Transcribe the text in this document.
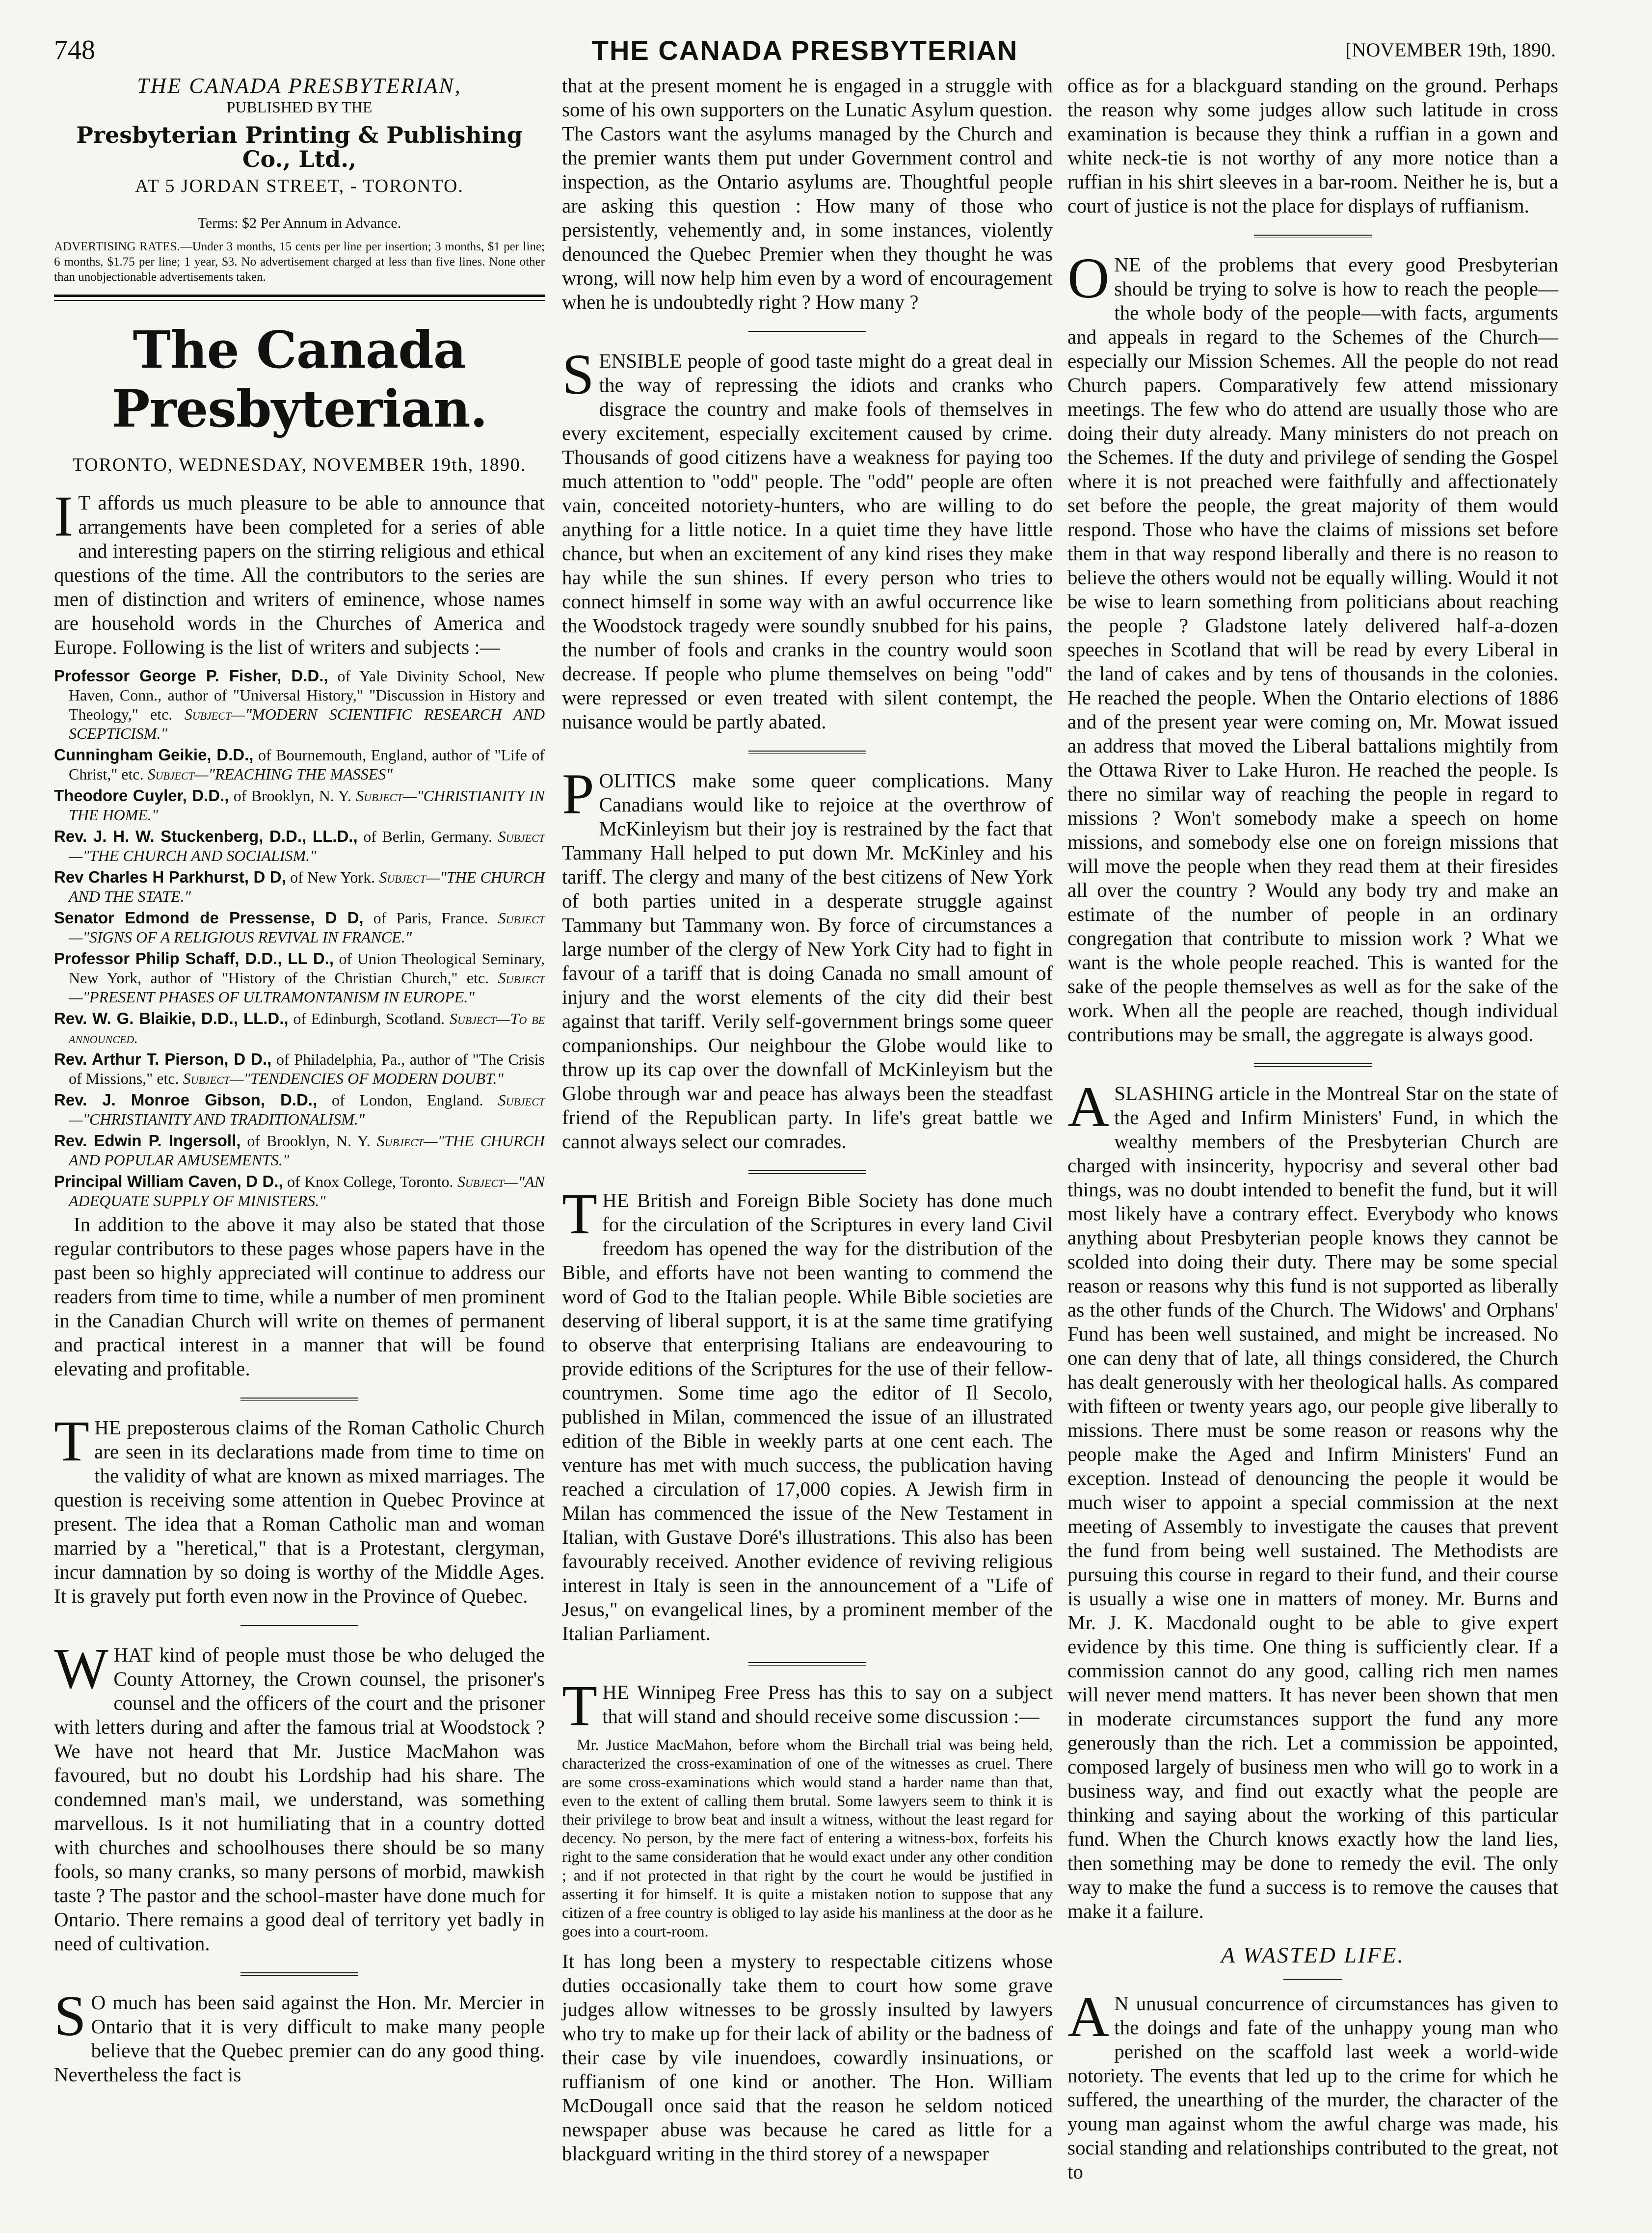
748	THE CANADA PRESBYTERIAN	[NOVEMBER 19th, 1890.

THE CANADA PRESBYTERIAN,

PUBLISHED BY THE

Presbyterian Printing & Publishing Co., Ltd.,

AT 5 JORDAN STREET, - TORONTO.

Terms: $2 Per Annum in Advance.

ADVERTISING RATES.—Under 3 months, 15 cents per line per insertion; 3 months, $1 per line; 6 months, $1.75 per line; 1 year, $3. No advertisement charged at less than five lines. None other than unobjectionable advertisements taken.

The Canada Presbyterian.

TORONTO, WEDNESDAY, NOVEMBER 19th, 1890.

I T affords us much pleasure to be able to announce that arrangements have been completed for a series of able and interesting papers on the stirring religious and ethical questions of the time. All the contributors to the series are men of distinction and writers of eminence, whose names are household words in the Churches of America and Europe. Following is the list of writers and subjects :—

Professor George P. Fisher, D.D., of Yale Divinity School, New Haven, Conn., author of "Universal History," "Discussion in History and Theology," etc. Subject—"MODERN SCIENTIFIC RESEARCH AND SCEPTICISM."

Cunningham Geikie, D.D., of Bournemouth, England, author of "Life of Christ," etc. Subject—"REACHING THE MASSES"

Theodore Cuyler, D.D., of Brooklyn, N. Y. Subject—"CHRISTIANITY IN THE HOME."

Rev. J. H. W. Stuckenberg, D.D., LL.D., of Berlin, Germany. Subject—"THE CHURCH AND SOCIALISM."

Rev Charles H Parkhurst, D D, of New York. Subject—"THE CHURCH AND THE STATE."

Senator Edmond de Pressense, D D, of Paris, France. Subject—"SIGNS OF A RELIGIOUS REVIVAL IN FRANCE."

Professor Philip Schaff, D.D., LL D., of Union Theological Seminary, New York, author of "History of the Christian Church," etc. Subject—"PRESENT PHASES OF ULTRAMONTANISM IN EUROPE."

Rev. W. G. Blaikie, D.D., LL.D., of Edinburgh, Scotland. Subject—To be announced.

Rev. Arthur T. Pierson, D D., of Philadelphia, Pa., author of "The Crisis of Missions," etc. Subject—"TENDENCIES OF MODERN DOUBT."

Rev. J. Monroe Gibson, D.D., of London, England. Subject—"CHRISTIANITY AND TRADITIONALISM."

Rev. Edwin P. Ingersoll, of Brooklyn, N. Y. Subject—"THE CHURCH AND POPULAR AMUSEMENTS."

Principal William Caven, D D., of Knox College, Toronto. Subject—"AN ADEQUATE SUPPLY OF MINISTERS."

In addition to the above it may also be stated that those regular contributors to these pages whose papers have in the past been so highly appreciated will continue to address our readers from time to time, while a number of men prominent in the Canadian Church will write on themes of permanent and practical interest in a manner that will be found elevating and profitable.

THE preposterous claims of the Roman Catholic Church are seen in its declarations made from time to time on the validity of what are known as mixed marriages. The question is receiving some attention in Quebec Province at present. The idea that a Roman Catholic man and woman married by a "heretical," that is a Protestant, clergyman, incur damnation by so doing is worthy of the Middle Ages. It is gravely put forth even now in the Province of Quebec.

WHAT kind of people must those be who deluged the County Attorney, the Crown counsel, the prisoner's counsel and the officers of the court and the prisoner with letters during and after the famous trial at Woodstock ? We have not heard that Mr. Justice MacMahon was favoured, but no doubt his Lordship had his share. The condemned man's mail, we understand, was something marvellous. Is it not humiliating that in a country dotted with churches and schoolhouses there should be so many fools, so many cranks, so many persons of morbid, mawkish taste ? The pastor and the school-master have done much for Ontario. There remains a good deal of territory yet badly in need of cultivation.

S O much has been said against the Hon. Mr. Mercier in Ontario that it is very difficult to make many people believe that the Quebec premier can do any good thing. Nevertheless the fact is

that at the present moment he is engaged in a struggle with some of his own supporters on the Lunatic Asylum question. The Castors want the asylums managed by the Church and the premier wants them put under Government control and inspection, as the Ontario asylums are. Thoughtful people are asking this question : How many of those who persistently, vehemently and, in some instances, violently denounced the Quebec Premier when they thought he was wrong, will now help him even by a word of encouragement when he is undoubtedly right ? How many ?

SENSIBLE people of good taste might do a great deal in the way of repressing the idiots and cranks who disgrace the country and make fools of themselves in every excitement, especially excitement caused by crime. Thousands of good citizens have a weakness for paying too much attention to "odd" people. The "odd" people are often vain, conceited notoriety-hunters, who are willing to do anything for a little notice. In a quiet time they have little chance, but when an excitement of any kind rises they make hay while the sun shines. If every person who tries to connect himself in some way with an awful occurrence like the Woodstock tragedy were soundly snubbed for his pains, the number of fools and cranks in the country would soon decrease. If people who plume themselves on being "odd" were repressed or even treated with silent contempt, the nuisance would be partly abated.

POLITICS make some queer complications. Many Canadians would like to rejoice at the overthrow of McKinleyism but their joy is restrained by the fact that Tammany Hall helped to put down Mr. McKinley and his tariff. The clergy and many of the best citizens of New York of both parties united in a desperate struggle against Tammany but Tammany won. By force of circumstances a large number of the clergy of New York City had to fight in favour of a tariff that is doing Canada no small amount of injury and the worst elements of the city did their best against that tariff. Verily self-government brings some queer companionships. Our neighbour the Globe would like to throw up its cap over the downfall of McKinleyism but the Globe through war and peace has always been the steadfast friend of the Republican party. In life's great battle we cannot always select our comrades.

THE British and Foreign Bible Society has done much for the circulation of the Scriptures in every land Civil freedom has opened the way for the distribution of the Bible, and efforts have not been wanting to commend the word of God to the Italian people. While Bible societies are deserving of liberal support, it is at the same time gratifying to observe that enterprising Italians are endeavouring to provide editions of the Scriptures for the use of their fellow-countrymen. Some time ago the editor of Il Secolo, published in Milan, commenced the issue of an illustrated edition of the Bible in weekly parts at one cent each. The venture has met with much success, the publication having reached a circulation of 17,000 copies. A Jewish firm in Milan has commenced the issue of the New Testament in Italian, with Gustave Doré's illustrations. This also has been favourably received. Another evidence of reviving religious interest in Italy is seen in the announcement of a "Life of Jesus," on evangelical lines, by a prominent member of the Italian Parliament.

THE Winnipeg Free Press has this to say on a subject that will stand and should receive some discussion :—

Mr. Justice MacMahon, before whom the Birchall trial was being held, characterized the cross-examination of one of the witnesses as cruel. There are some cross-examinations which would stand a harder name than that, even to the extent of calling them brutal. Some lawyers seem to think it is their privilege to brow beat and insult a witness, without the least regard for decency. No person, by the mere fact of entering a witness-box, forfeits his right to the same consideration that he would exact under any other condition ; and if not protected in that right by the court he would be justified in asserting it for himself. It is quite a mistaken notion to suppose that any citizen of a free country is obliged to lay aside his manliness at the door as he goes into a court-room.

It has long been a mystery to respectable citizens whose duties occasionally take them to court how some grave judges allow witnesses to be grossly insulted by lawyers who try to make up for their lack of ability or the badness of their case by vile inuendoes, cowardly insinuations, or ruffianism of one kind or another. The Hon. William McDougall once said that the reason he seldom noticed newspaper abuse was because he cared as little for a blackguard writing in the third storey of a newspaper

office as for a blackguard standing on the ground. Perhaps the reason why some judges allow such latitude in cross examination is because they think a ruffian in a gown and white neck-tie is not worthy of any more notice than a ruffian in his shirt sleeves in a bar-room. Neither he is, but a court of justice is not the place for displays of ruffianism.

ONE of the problems that every good Presbyterian should be trying to solve is how to reach the people—the whole body of the people—with facts, arguments and appeals in regard to the Schemes of the Church—especially our Mission Schemes. All the people do not read Church papers. Comparatively few attend missionary meetings. The few who do attend are usually those who are doing their duty already. Many ministers do not preach on the Schemes. If the duty and privilege of sending the Gospel where it is not preached were faithfully and affectionately set before the people, the great majority of them would respond. Those who have the claims of missions set before them in that way respond liberally and there is no reason to believe the others would not be equally willing. Would it not be wise to learn something from politicians about reaching the people ? Gladstone lately delivered half-a-dozen speeches in Scotland that will be read by every Liberal in the land of cakes and by tens of thousands in the colonies. He reached the people. When the Ontario elections of 1886 and of the present year were coming on, Mr. Mowat issued an address that moved the Liberal battalions mightily from the Ottawa River to Lake Huron. He reached the people. Is there no similar way of reaching the people in regard to missions ? Won't somebody make a speech on home missions, and somebody else one on foreign missions that will move the people when they read them at their firesides all over the country ? Would any body try and make an estimate of the number of people in an ordinary congregation that contribute to mission work ? What we want is the whole people reached. This is wanted for the sake of the people themselves as well as for the sake of the work. When all the people are reached, though individual contributions may be small, the aggregate is always good.

ASLASHING article in the Montreal Star on the state of the Aged and Infirm Ministers' Fund, in which the wealthy members of the Presbyterian Church are charged with insincerity, hypocrisy and several other bad things, was no doubt intended to benefit the fund, but it will most likely have a contrary effect. Everybody who knows anything about Presbyterian people knows they cannot be scolded into doing their duty. There may be some special reason or reasons why this fund is not supported as liberally as the other funds of the Church. The Widows' and Orphans' Fund has been well sustained, and might be increased. No one can deny that of late, all things considered, the Church has dealt generously with her theological halls. As compared with fifteen or twenty years ago, our people give liberally to missions. There must be some reason or reasons why the people make the Aged and Infirm Ministers' Fund an exception. Instead of denouncing the people it would be much wiser to appoint a special commission at the next meeting of Assembly to investigate the causes that prevent the fund from being well sustained. The Methodists are pursuing this course in regard to their fund, and their course is usually a wise one in matters of money. Mr. Burns and Mr. J. K. Macdonald ought to be able to give expert evidence by this time. One thing is sufficiently clear. If a commission cannot do any good, calling rich men names will never mend matters. It has never been shown that men in moderate circumstances support the fund any more generously than the rich. Let a commission be appointed, composed largely of business men who will go to work in a business way, and find out exactly what the people are thinking and saying about the working of this particular fund. When the Church knows exactly how the land lies, then something may be done to remedy the evil. The only way to make the fund a success is to remove the causes that make it a failure.

A WASTED LIFE.

A N unusual concurrence of circumstances has given to the doings and fate of the unhappy young man who perished on the scaffold last week a world-wide notoriety. The events that led up to the crime for which he suffered, the unearthing of the murder, the character of the young man against whom the awful charge was made, his social standing and relationships contributed to the great, not to
